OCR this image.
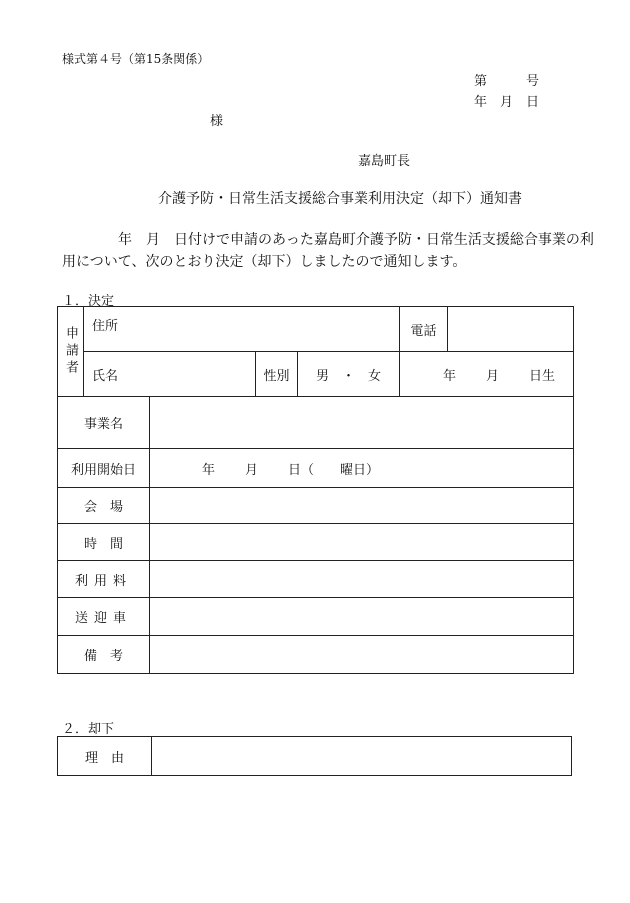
様式第４号（第15条関係）
第　　　号
年　月　日
様
嘉島町長
介護予防・日常生活支援総合事業利用決定（却下）通知書
年　月　日付けで申請のあった嘉島町介護予防・日常生活支援総合事業の利
用について、次のとおり決定（却下）しましたので通知します。
１．決定
申請者	住所			電話	

	氏名	性別	男　・　女	年 月 日生	
事業名	
利用開始日	年 月 日（　　曜日）

会　場	
時　間	
利用料	
送迎車	
備　考	
２．却下
理　由	
